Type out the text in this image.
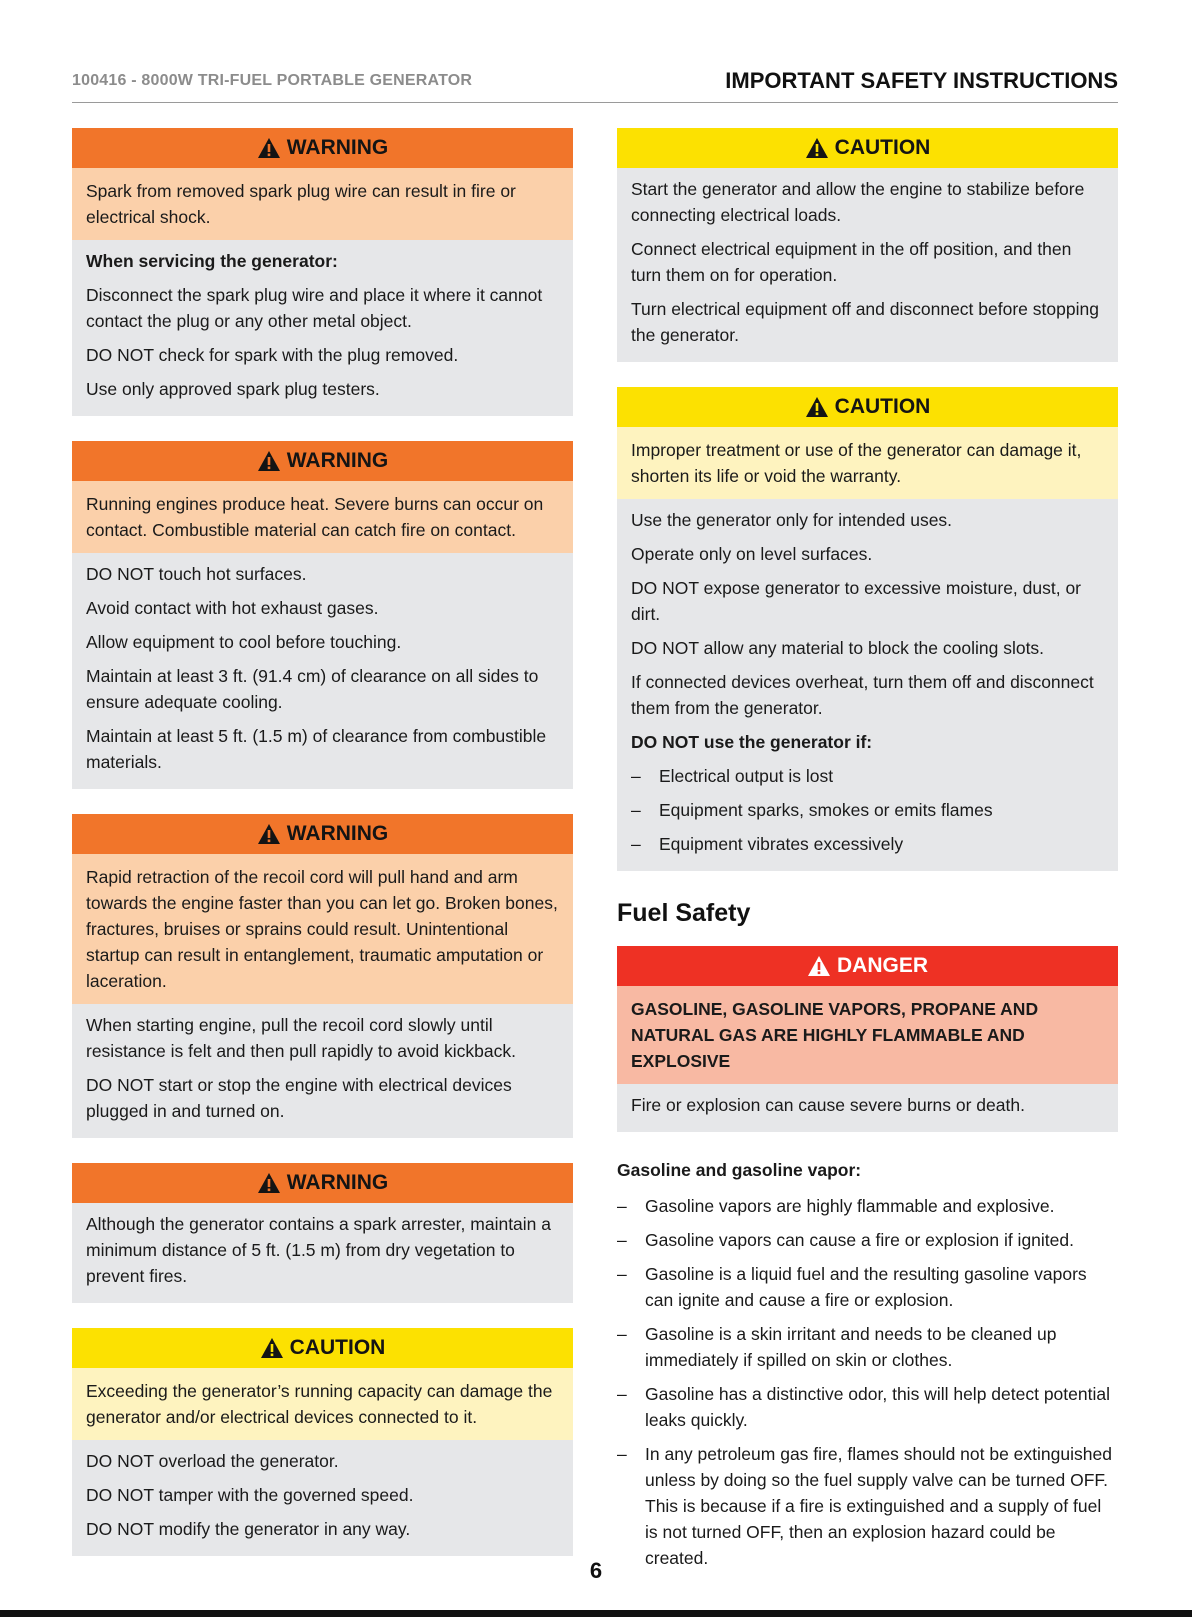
100416 - 8000W TRI-FUEL PORTABLE GENERATOR	IMPORTANT SAFETY INSTRUCTIONS
WARNING
Spark from removed spark plug wire can result in fire or electrical shock.

When servicing the generator:

Disconnect the spark plug wire and place it where it cannot contact the plug or any other metal object.

DO NOT check for spark with the plug removed.

Use only approved spark plug testers.

WARNING
Running engines produce heat. Severe burns can occur on contact. Combustible material can catch fire on contact.

DO NOT touch hot surfaces.

Avoid contact with hot exhaust gases.

Allow equipment to cool before touching.

Maintain at least 3 ft. (91.4 cm) of clearance on all sides to ensure adequate cooling.

Maintain at least 5 ft. (1.5 m) of clearance from combustible materials.

WARNING
Rapid retraction of the recoil cord will pull hand and arm towards the engine faster than you can let go. Broken bones, fractures, bruises or sprains could result. Unintentional startup can result in entanglement, traumatic amputation or laceration.

When starting engine, pull the recoil cord slowly until resistance is felt and then pull rapidly to avoid kickback.

DO NOT start or stop the engine with electrical devices plugged in and turned on.

WARNING

Although the generator contains a spark arrester, maintain a minimum distance of 5 ft. (1.5 m) from dry vegetation to prevent fires.

CAUTION
Exceeding the generator’s running capacity can damage the generator and/or electrical devices connected to it.

DO NOT overload the generator.

DO NOT tamper with the governed speed.

DO NOT modify the generator in any way.

CAUTION

Start the generator and allow the engine to stabilize before connecting electrical loads.

Connect electrical equipment in the off position, and then turn them on for operation.

Turn electrical equipment off and disconnect before stopping the generator.

CAUTION
Improper treatment or use of the generator can damage it, shorten its life or void the warranty.

Use the generator only for intended uses.

Operate only on level surfaces.

DO NOT expose generator to excessive moisture, dust, or dirt.

DO NOT allow any material to block the cooling slots.

If connected devices overheat, turn them off and disconnect them from the generator.

DO NOT use the generator if:

–	Electrical output is lost
–	Equipment sparks, smokes or emits flames
–	Equipment vibrates excessively
Fuel Safety
DANGER
GASOLINE, GASOLINE VAPORS, PROPANE AND NATURAL GAS ARE HIGHLY FLAMMABLE AND EXPLOSIVE

Fire or explosion can cause severe burns or death.

Gasoline and gasoline vapor:
–	Gasoline vapors are highly flammable and explosive.
–	Gasoline vapors can cause a fire or explosion if ignited.
–	Gasoline is a liquid fuel and the resulting gasoline vapors can ignite and cause a fire or explosion.
–	Gasoline is a skin irritant and needs to be cleaned up immediately if spilled on skin or clothes.
–	Gasoline has a distinctive odor, this will help detect potential leaks quickly.
–	In any petroleum gas fire, flames should not be extinguished unless by doing so the fuel supply valve can be turned OFF. This is because if a fire is extinguished and a supply of fuel is not turned OFF, then an explosion hazard could be created.
6
